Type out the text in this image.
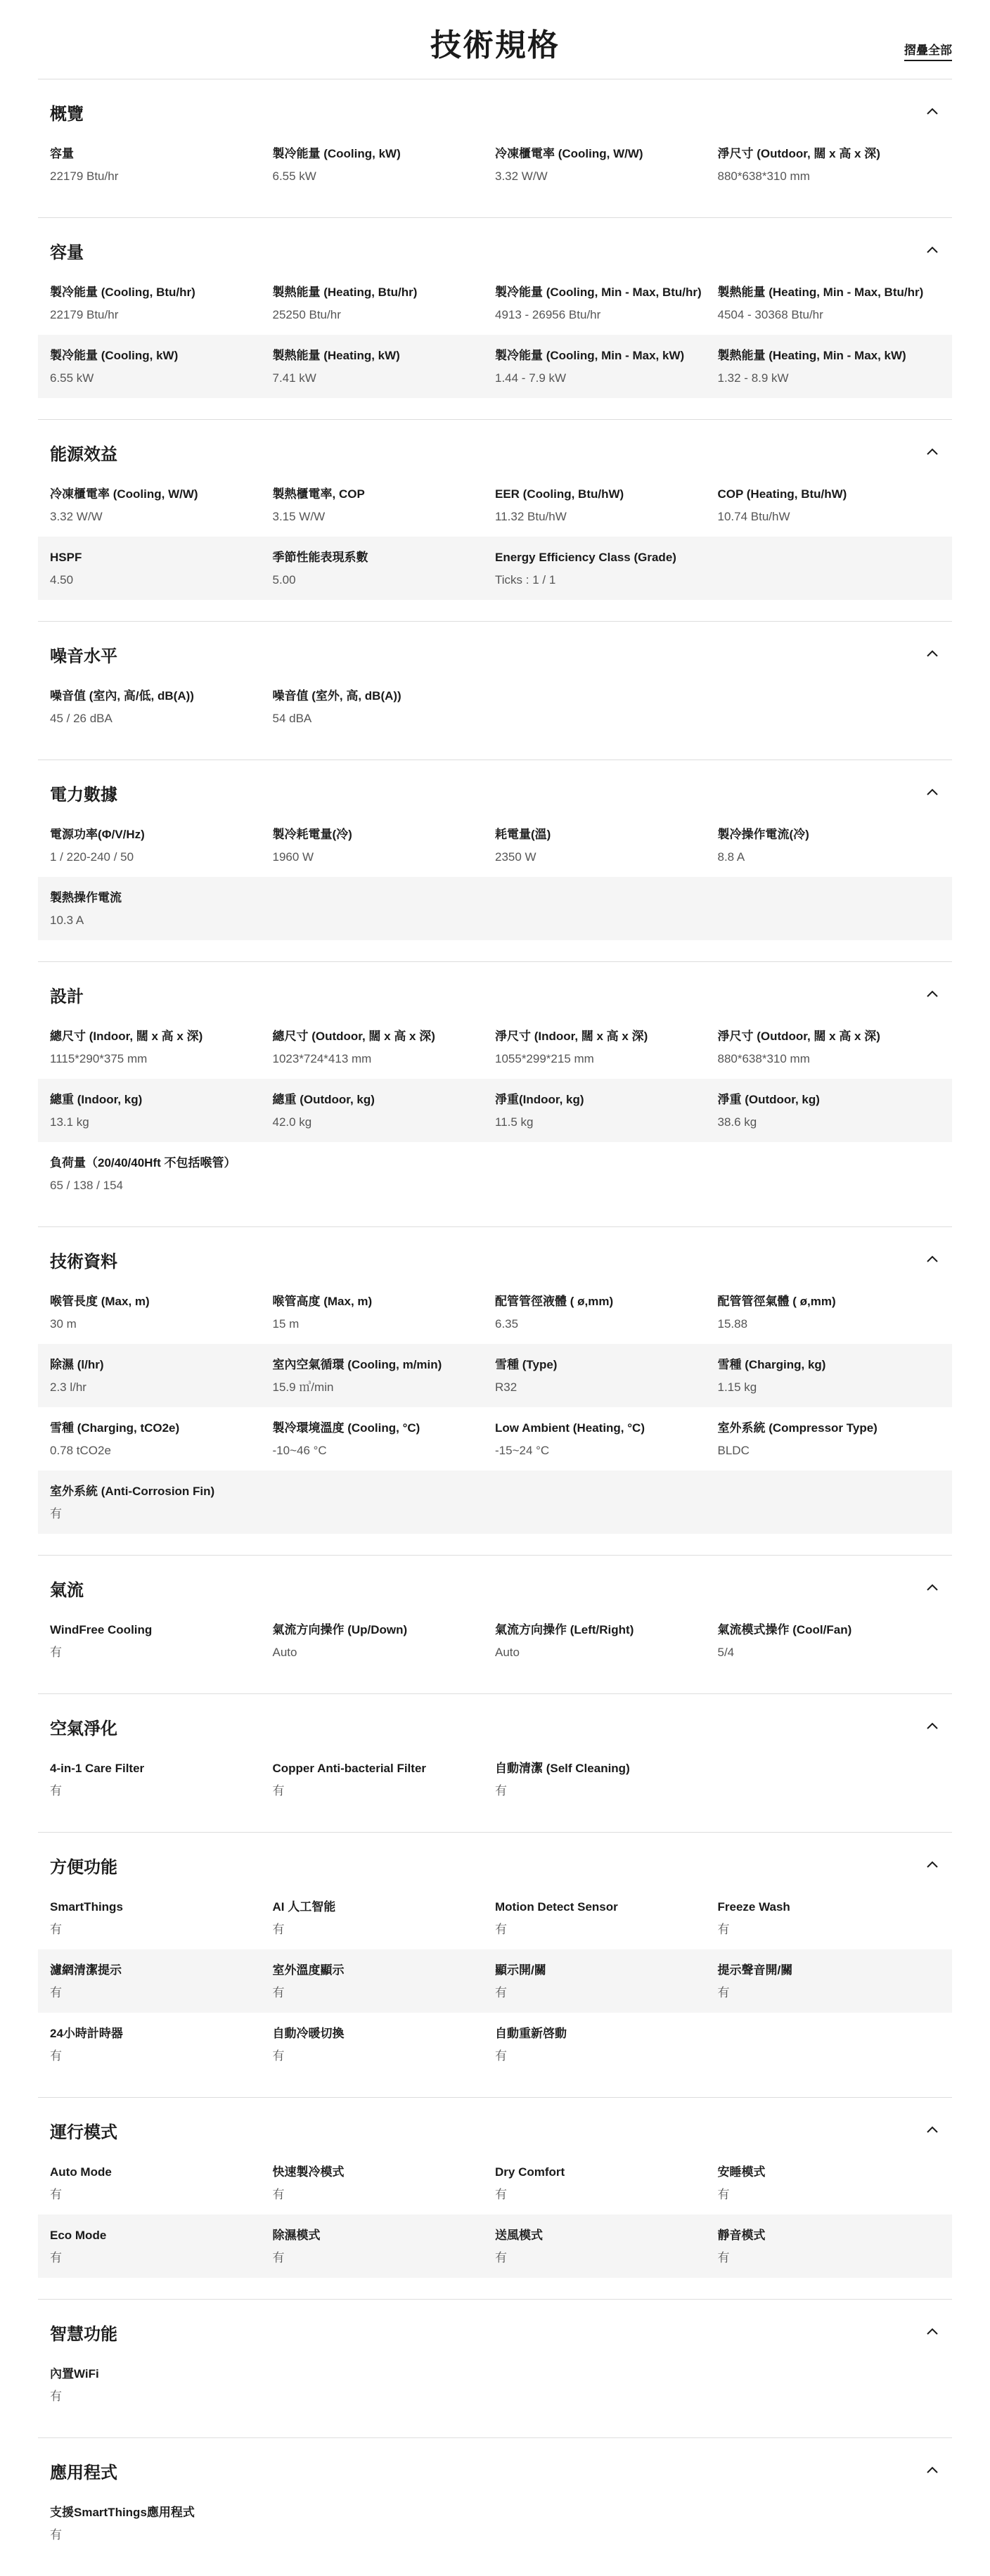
技術規格	摺疊全部
概覽
容量
22179 Btu/hr
製冷能量 (Cooling, kW)
6.55 kW
冷凍櫃電率 (Cooling, W/W)
3.32 W/W
淨尺寸 (Outdoor, 闊 x 高 x 深)
880*638*310 mm
容量
製冷能量 (Cooling, Btu/hr)
22179 Btu/hr
製熱能量 (Heating, Btu/hr)
25250 Btu/hr
製冷能量 (Cooling, Min - Max, Btu/hr)
4913 - 26956 Btu/hr
製熱能量 (Heating, Min - Max, Btu/hr)
4504 - 30368 Btu/hr
製冷能量 (Cooling, kW)
6.55 kW
製熱能量 (Heating, kW)
7.41 kW
製冷能量 (Cooling, Min - Max, kW)
1.44 - 7.9 kW
製熱能量 (Heating, Min - Max, kW)
1.32 - 8.9 kW
能源效益
冷凍櫃電率 (Cooling, W/W)
3.32 W/W
製熱櫃電率, COP
3.15 W/W
EER (Cooling, Btu/hW)
11.32 Btu/hW
COP (Heating, Btu/hW)
10.74 Btu/hW
HSPF
4.50
季節性能表現系數
5.00
Energy Efficiency Class (Grade)
Ticks : 1 / 1
噪音水平
噪音值 (室內, 高/低, dB(A))
45 / 26 dBA
噪音值 (室外, 高, dB(A))
54 dBA
電力數據
電源功率(Φ/V/Hz)
1 / 220-240 / 50
製冷耗電量(冷)
1960 W
耗電量(溫)
2350 W
製冷操作電流(冷)
8.8 A
製熱操作電流
10.3 A
設計
總尺寸 (Indoor, 闊 x 高 x 深)
1115*290*375 mm
總尺寸 (Outdoor, 闊 x 高 x 深)
1023*724*413 mm
淨尺寸 (Indoor, 闊 x 高 x 深)
1055*299*215 mm
淨尺寸 (Outdoor, 闊 x 高 x 深)
880*638*310 mm
總重 (Indoor, kg)
13.1 kg
總重 (Outdoor, kg)
42.0 kg
淨重(Indoor, kg)
11.5 kg
淨重 (Outdoor, kg)
38.6 kg
負荷量（20/40/40Hft 不包括喉管）
65 / 138 / 154
技術資料
喉管長度 (Max, m)
30 m
喉管高度 (Max, m)
15 m
配管管徑液體 ( ø,mm)
6.35
配管管徑氣體 ( ø,mm)
15.88
除濕 (l/hr)
2.3 l/hr
室內空氣循環 (Cooling, m/min)
15.9 ㎥/min
雪種 (Type)
R32
雪種 (Charging, kg)
1.15 kg
雪種 (Charging, tCO2e)
0.78 tCO2e
製冷環境溫度 (Cooling, °C)
-10~46 °C
Low Ambient (Heating, °C)
-15~24 °C
室外系統 (Compressor Type)
BLDC
室外系統 (Anti-Corrosion Fin)
有
氣流
WindFree Cooling
有
氣流方向操作 (Up/Down)
Auto
氣流方向操作 (Left/Right)
Auto
氣流模式操作 (Cool/Fan)
5/4
空氣淨化
4-in-1 Care Filter
有
Copper Anti-bacterial Filter
有
自動清潔 (Self Cleaning)
有
方便功能
SmartThings
有
AI 人工智能
有
Motion Detect Sensor
有
Freeze Wash
有
濾網清潔提示
有
室外溫度顯示
有
顯示開/關
有
提示聲音開/關
有
24小時計時器
有
自動冷暖切換
有
自動重新啓動
有
運行模式
Auto Mode
有
快速製冷模式
有
Dry Comfort
有
安睡模式
有
Eco Mode
有
除濕模式
有
送風模式
有
靜音模式
有
智慧功能
內置WiFi
有
應用程式
支援SmartThings應用程式
有
